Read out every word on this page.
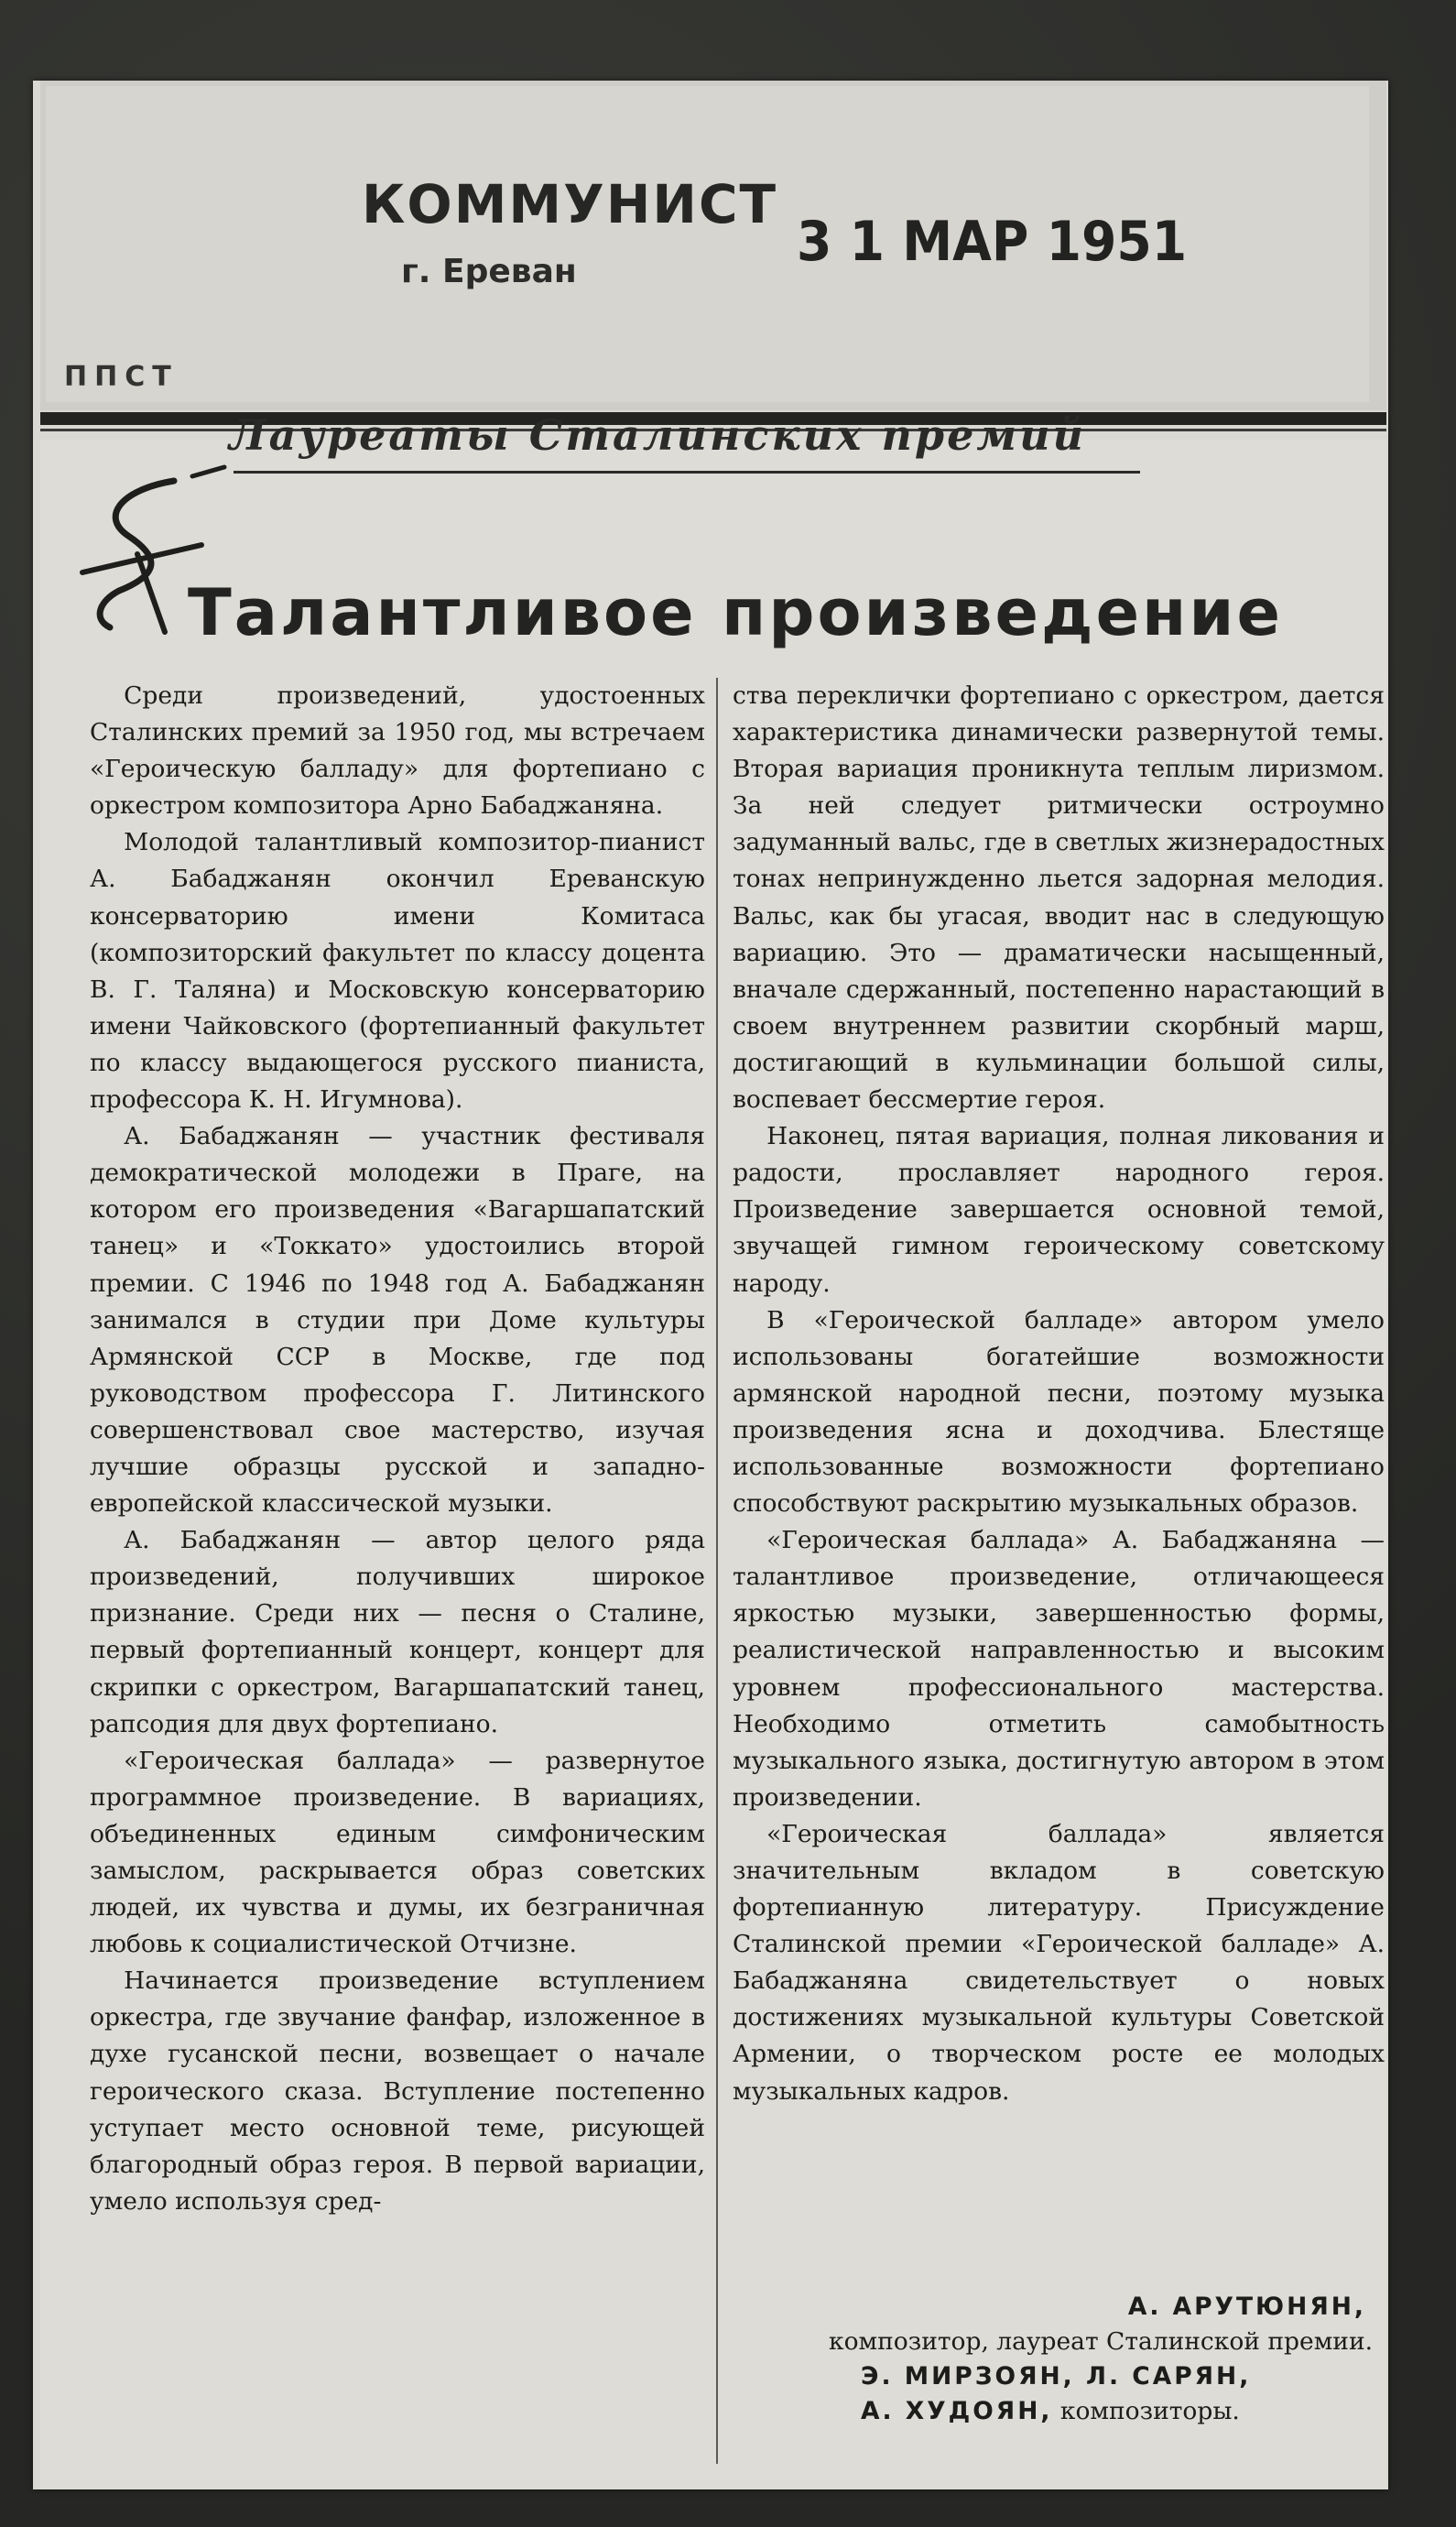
КОММУНИСТ
г. Ереван	3 1 МАР 1951
ППСТ
Лауреаты Сталинских премий
Талантливое произведение

Среди произведений, удостоенных Сталинских премий за 1950 год, мы встречаем «Героическую балладу» для фортепиано с оркестром композитора Арно Бабаджаняна.

Молодой талантливый композитор-пианист А. Бабаджанян окончил Ереванскую консерваторию имени Комитаса (композиторский факультет по классу доцента В. Г. Таляна) и Московскую консерваторию имени Чайковского (фортепианный факультет по классу выдающегося русского пианиста, профессора К. Н. Игумнова).

А. Бабаджанян — участник фестиваля демократической молодежи в Праге, на котором его произведения «Вагаршапатский танец» и «Токкато» удостоились второй премии. С 1946 по 1948 год А. Бабаджанян занимался в студии при Доме культуры Армянской ССР в Москве, где под руководством профессора Г. Литинского совершенствовал свое мастерство, изучая лучшие образцы русской и западно-европейской классической музыки.

А. Бабаджанян — автор целого ряда произведений, получивших широкое признание. Среди них — песня о Сталине, первый фортепианный концерт, концерт для скрипки с оркестром, Вагаршапатский танец, рапсодия для двух фортепиано.

«Героическая баллада» — развернутое программное произведение. В вариациях, объединенных единым симфоническим замыслом, раскрывается образ советских людей, их чувства и думы, их безграничная любовь к социалистической Отчизне.

Начинается произведение вступлением оркестра, где звучание фанфар, изложенное в духе гусанской песни, возвещает о начале героического сказа. Вступление постепенно уступает место основной теме, рисующей благородный образ героя. В первой вариации, умело используя сред-

ства переклички фортепиано с оркестром, дается характеристика динамически развернутой темы. Вторая вариация проникнута теплым лиризмом. За ней следует ритмически остроумно задуманный вальс, где в светлых жизнерадостных тонах непринужденно льется задорная мелодия. Вальс, как бы угасая, вводит нас в следующую вариацию. Это — драматически насыщенный, вначале сдержанный, постепенно нарастающий в своем внутреннем развитии скорбный марш, достигающий в кульминации большой силы, воспевает бессмертие героя.

Наконец, пятая вариация, полная ликования и радости, прославляет народного героя. Произведение завершается основной темой, звучащей гимном героическому советскому народу.

В «Героической балладе» автором умело использованы богатейшие возможности армянской народной песни, поэтому музыка произведения ясна и доходчива. Блестяще использованные возможности фортепиано способствуют раскрытию музыкальных образов.

«Героическая баллада» А. Бабаджаняна — талантливое произведение, отличающееся яркостью музыки, завершенностью формы, реалистической направленностью и высоким уровнем профессионального мастерства. Необходимо отметить самобытность музыкального языка, достигнутую автором в этом произведении.

«Героическая баллада» является значительным вкладом в советскую фортепианную литературу. Присуждение Сталинской премии «Героической балладе» А. Бабаджаняна свидетельствует о новых достижениях музыкальной культуры Советской Армении, о творческом росте ее молодых музыкальных кадров.

А. АРУТЮНЯН,
композитор, лауреат Сталинской премии.
Э. МИРЗОЯН, Л. САРЯН,
А. ХУДОЯН, композиторы.
